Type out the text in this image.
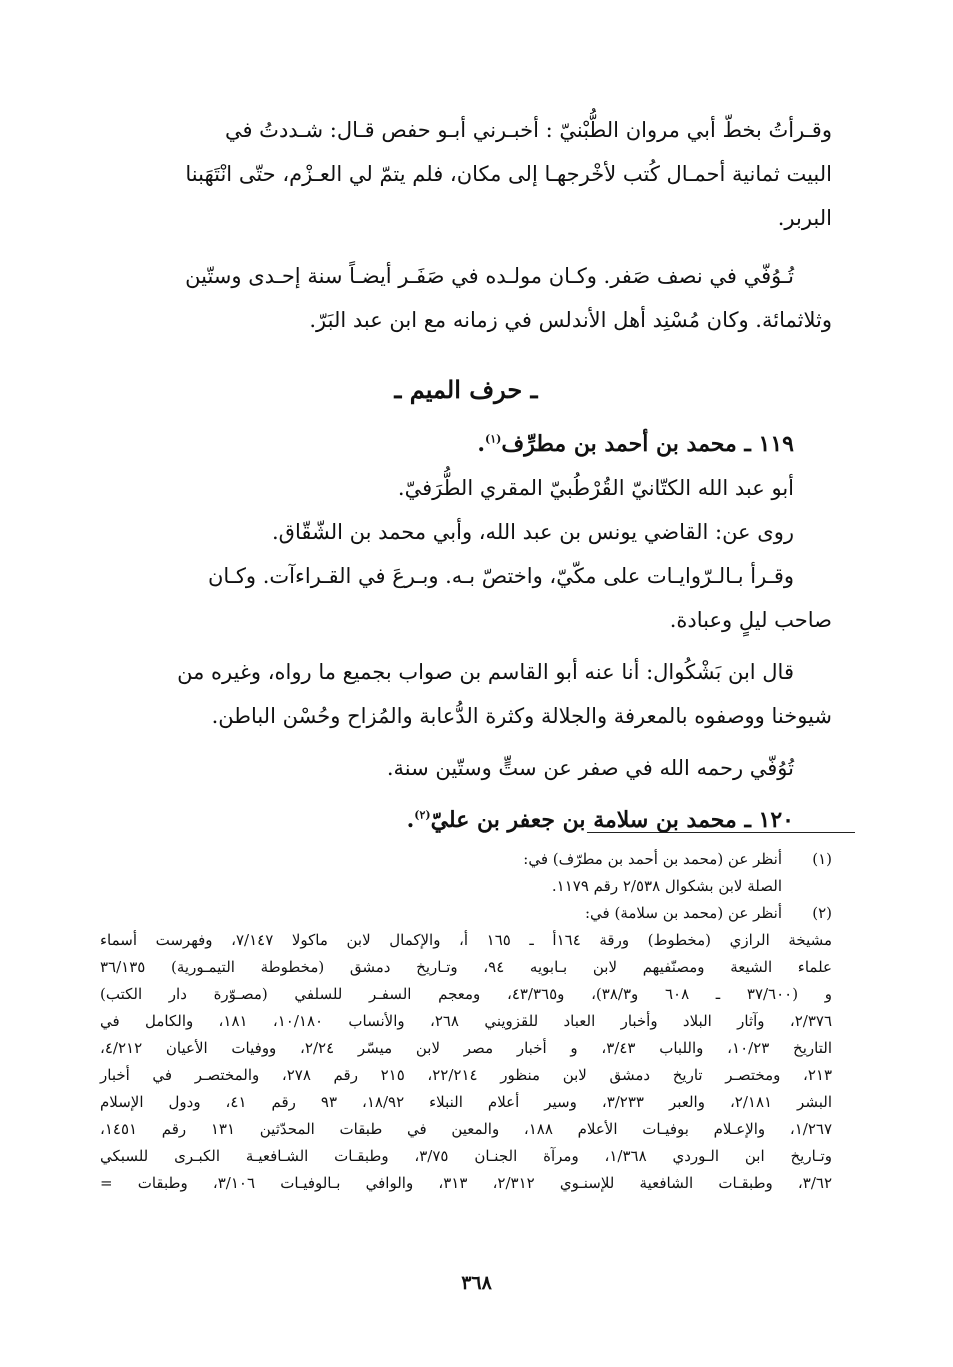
وقـرأتُ بخطّ أبي مروان الطُّبْنيّ : أخبـرني أبـو حفص قـال: شـددتُ في
البيت ثمانية أحمـال كُتب لأخْرجهـا إلى مكان، فلم يتمّ لي العـزْم، حتّى انْتَهَبنا
البربر.
تُـوُفّي في نصف صَفر. وكـان مولـده في صَفَـر أيضـاً سنة إحـدى وستّين
وثلاثمائة. وكان مُسْنِد أهل الأندلس في زمانه مع ابن عبد البَرّ.
ـ حرف الميم ـ
١١٩ ـ محمد بن أحمد بن مطرِّف$^{(١)}$.
أبو عبد الله الكتّانيّ القُرْطُبيّ المقري الطُّرَفيّ.
روى عن: القاضي يونس بن عبد الله، وأبي محمد بن الشّقّاق.
وقـرأ بـالـرّوايـات على مكّيّ، واختصّ بـه. وبـرعَ في القـراءآت. وكـان
صاحب ليلٍ وعبادة.
قال ابن بَشْكُوال: أنا عنه أبو القاسم بن صواب بجميع ما رواه، وغيره من
شيوخنا ووصفوه بالمعرفة والجلالة وكثرة الدُّعابة والمُزاح وحُسْن الباطن.
تُوُفّي رحمه الله في صفر عن ستٍّ وستّين سنة.
١٢٠ ـ محمد بن سلامة بن جعفر بن عليّ$^{(٢)}$.
(١)
أنظر عن (محمد بن أحمد بن مطرّف) في:
الصلة لابن بشكوال ٢/٥٣٨ رقم ١١٧٩.
(٢)
أنظر عن (محمد بن سلامة) في:
مشيخة الرازي (مخطوط) ورقة ١٦٤أ ـ ١٦٥ أ، والإكمال لابن ماكولا ٧/١٤٧، وفهرست أسماء
علماء الشيعة ومصنّفيهم لابن بـابويه ٩٤، وتـاريخ دمشق (مخطوطة التيمـورية) ٣٦/١٣٥
و (٣٧/٦٠٠ ـ ٦٠٨ و٣٨/٣)، و٤٣/٣٦٥، ومعجم السفـر للسلفي (مصـوّرة دار الكتب)
٢/٣٧٦، وآثار البلاد وأخبار العباد للقزويني ٢٦٨، والأنساب ١٠/١٨٠، ١٨١، والكامل في
التاريخ ١٠/٢٣، واللباب ٣/٤٣، و أخبار مصر لابن ميسّر ٢/٢٤، ووفيات الأعيان ٤/٢١٢،
٢١٣، ومختصـر تاريخ دمشق لابن منظور ٢٢/٢١٤، ٢١٥ رقم ٢٧٨، والمختصـر في أخبار
البشر ٢/١٨١، والعبر ٣/٢٣٣، وسير أعلام النبلاء ١٨/٩٢، ٩٣ رقم ٤١، ودول الإسلام
١/٢٦٧، والإعـلام بوفيـات الأعلام ١٨٨، والمعين في طبقات المحدّثين ١٣١ رقم ١٤٥١،
وتـاريخ ابن الـوردي ١/٣٦٨، ومرآة الجنـان ٣/٧٥، وطبقـات الشـافعيـة الكبـرى للسبكي
٣/٦٢، وطبقـات الشافعية للإسنـوي ٢/٣١٢، ٣١٣، والوافي بـالوفيـات ٣/١٠٦، وطبقات =
٣٦٨
